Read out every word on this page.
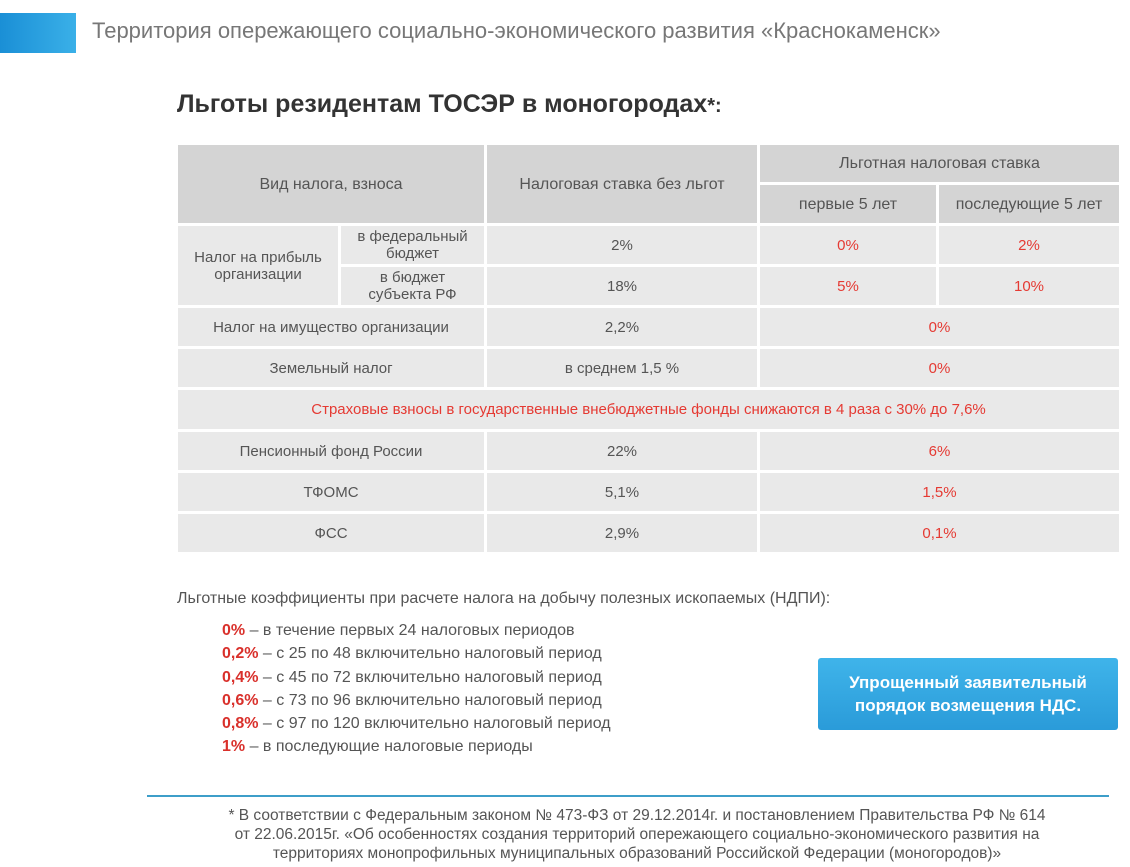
Территория опережающего социально-экономического развития «Краснокаменск»
Льготы резидентам ТОСЭР в моногородах*:
Вид налога, взноса		Налоговая ставка без льгот	Льготная налоговая ставка	
			первые 5 лет	последующие 5 лет
Налог на прибыль организации	в федеральный бюджет	2%	0%	2%
	в бюджет субъекта РФ	18%	5%	10%
Налог на имущество организации		2,2%	0%	
Земельный налог		в среднем 1,5 %	0%	
Страховые взносы в государственные внебюджетные фонды снижаются в 4 раза с 30% до 7,6%				
Пенсионный фонд России		22%	6%	
ТФОМС		5,1%	1,5%	
ФСС		2,9%	0,1%	
Льготные коэффициенты при расчете налога на добычу полезных ископаемых (НДПИ):
0% – в течение первых 24 налоговых периодов
0,2% – с 25 по 48 включительно налоговый период
0,4% – с 45 по 72 включительно налоговый период
0,6% – с 73 по 96 включительно налоговый период
0,8% – с 97 по 120 включительно налоговый период
1% – в последующие налоговые периоды
Упрощенный заявительный
порядок возмещения НДС.
* В соответствии с Федеральным законом № 473-ФЗ от 29.12.2014г. и постановлением Правительства РФ № 614
от 22.06.2015г. «Об особенностях создания территорий опережающего социально-экономического развития на
территориях монопрофильных муниципальных образований Российской Федерации (моногородов)»
